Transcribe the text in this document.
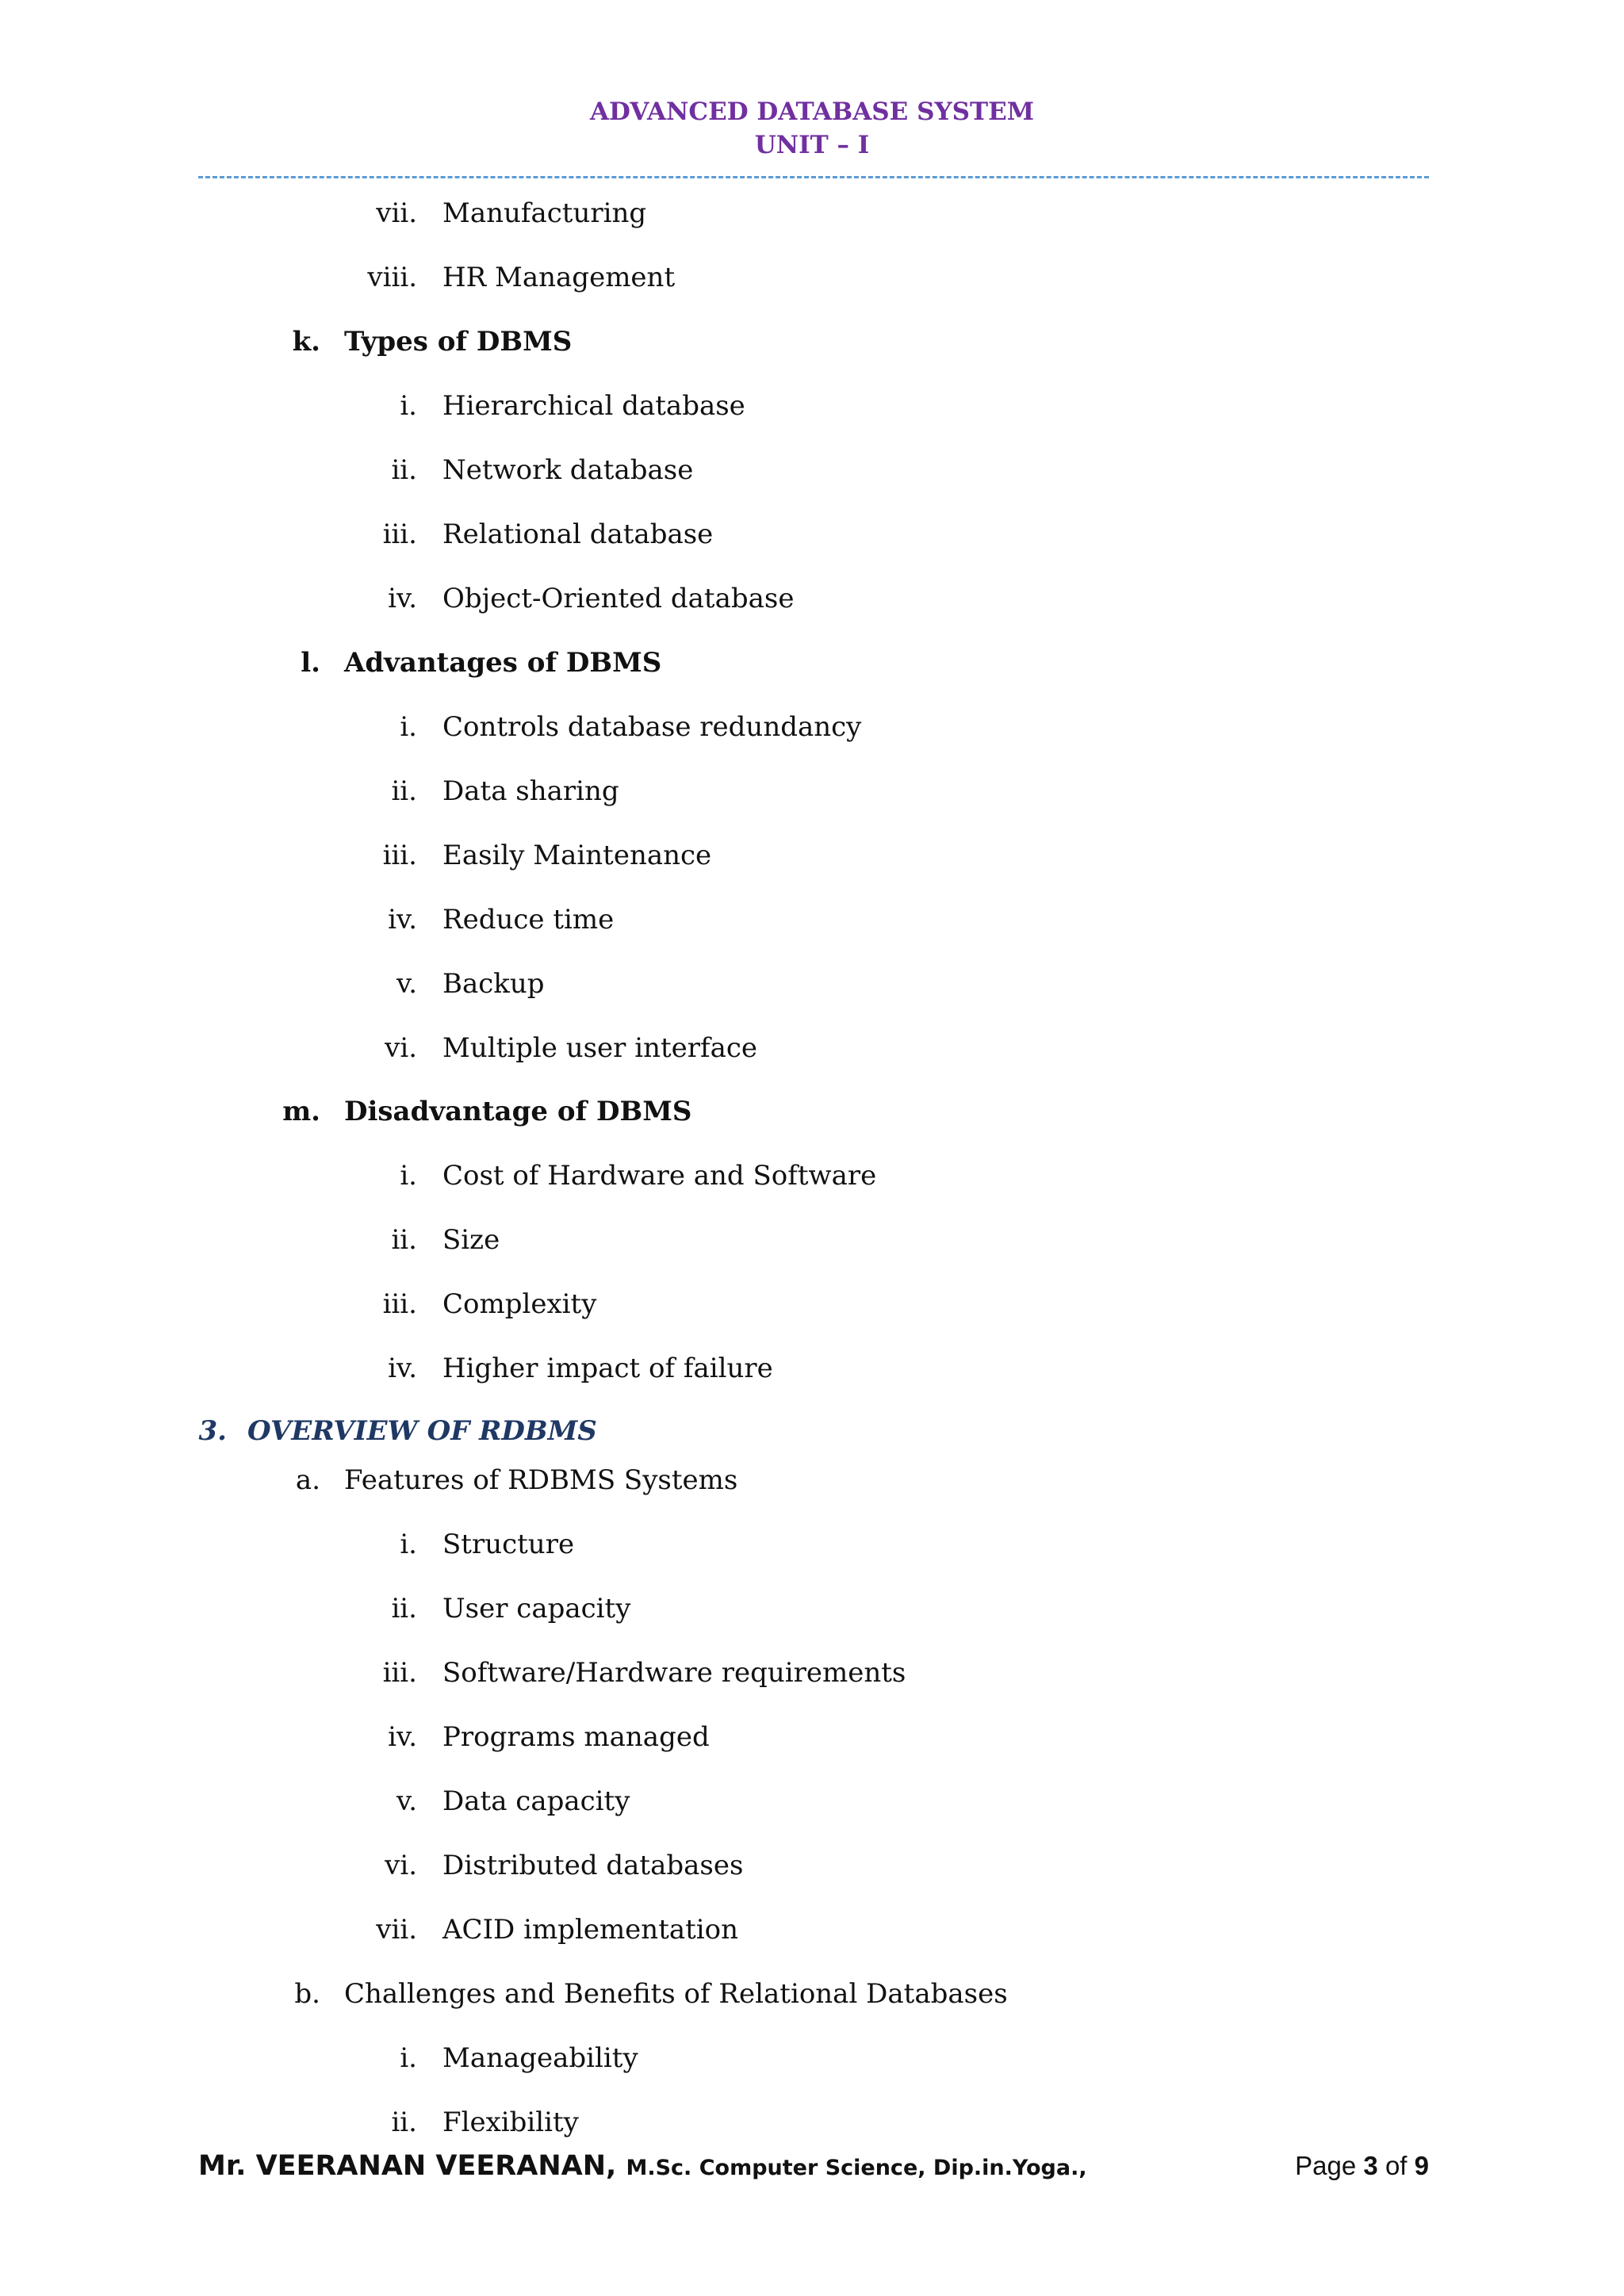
ADVANCED DATABASE SYSTEM
UNIT – I
vii. Manufacturing
viii. HR Management
k. Types of DBMS
i. Hierarchical database
ii. Network database
iii. Relational database
iv. Object-Oriented database
l. Advantages of DBMS
i. Controls database redundancy
ii. Data sharing
iii. Easily Maintenance
iv. Reduce time
v. Backup
vi. Multiple user interface
m. Disadvantage of DBMS
i. Cost of Hardware and Software
ii. Size
iii. Complexity
iv. Higher impact of failure
3. OVERVIEW OF RDBMS
a. Features of RDBMS Systems
i. Structure
ii. User capacity
iii. Software/Hardware requirements
iv. Programs managed
v. Data capacity
vi. Distributed databases
vii. ACID implementation
b. Challenges and Benefits of Relational Databases
i. Manageability
ii. Flexibility
Mr. VEERANAN VEERANAN, M.Sc. Computer Science, Dip.in.Yoga.,	Page 3 of 9
